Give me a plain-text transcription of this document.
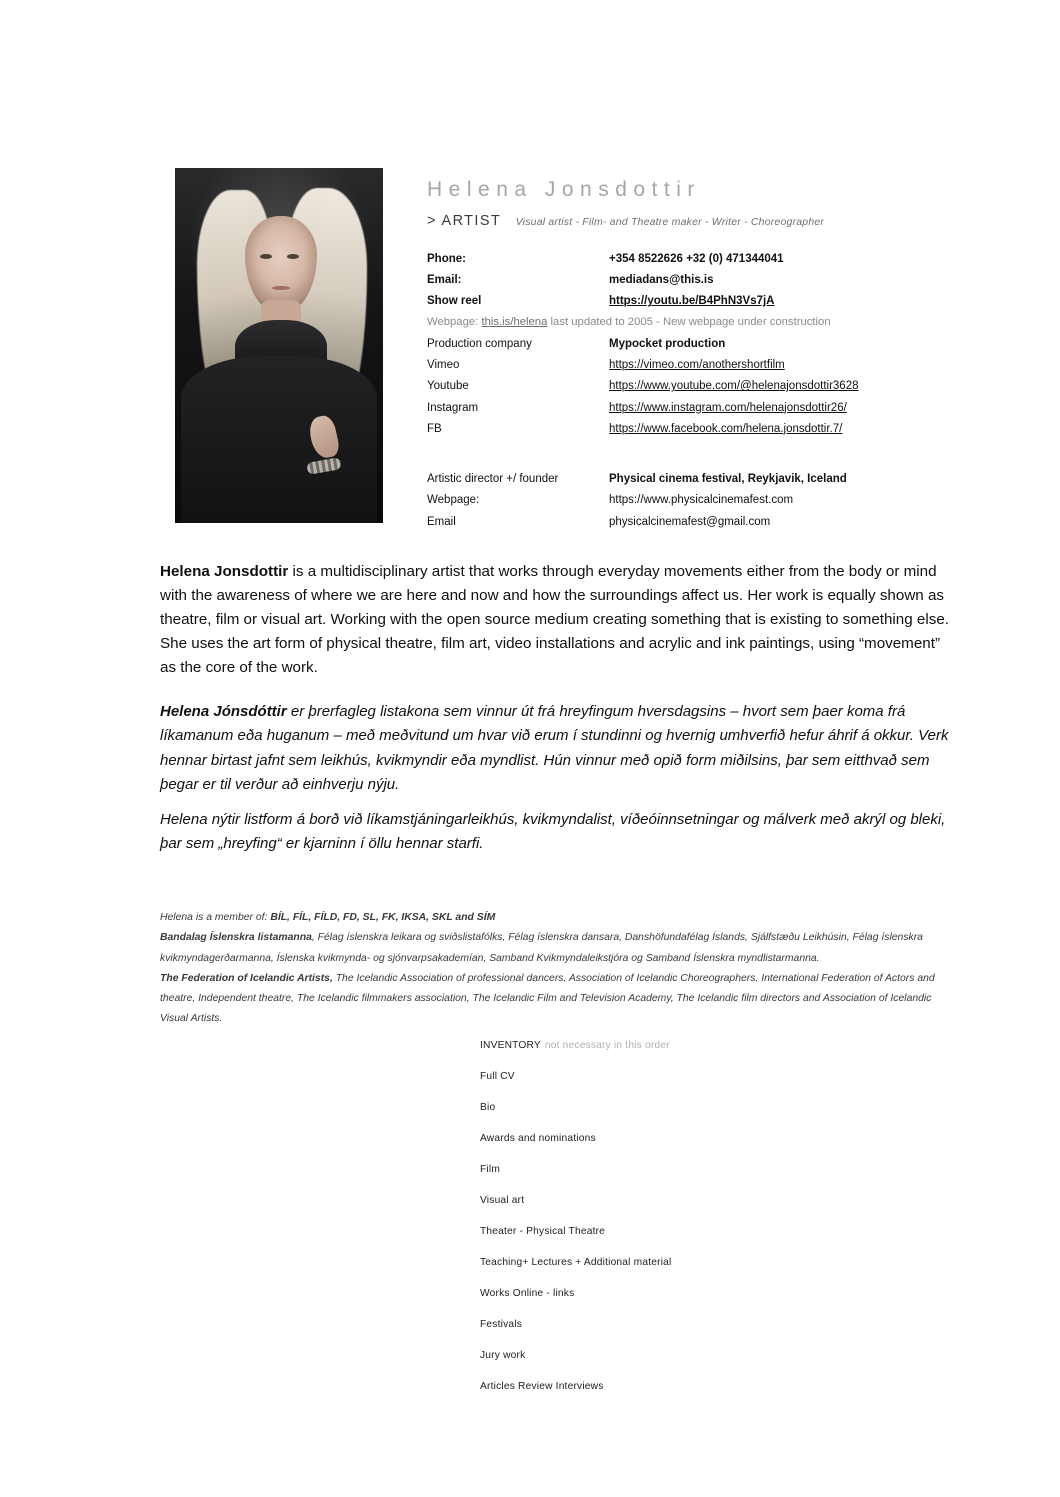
Helena Jonsdottir
> ARTIST Visual artist - Film- and Theatre maker - Writer - Choreographer
Phone:	+354 8522626 +32 (0) 471344041
Email:	mediadans@this.is
Show reel	https://youtu.be/B4PhN3Vs7jA
Webpage: this.is/helena last updated to 2005 - New webpage under construction	
Production company	Mypocket production
Vimeo	https://vimeo.com/anothershortfilm
Youtube	https://www.youtube.com/@helenajonsdottir3628
Instagram	https://www.instagram.com/helenajonsdottir26/
FB	https://www.facebook.com/helena.jonsdottir.7/

Artistic director +/ founder	Physical cinema festival, Reykjavik, Iceland
Webpage:	https://www.physicalcinemafest.com
Email	physicalcinemafest@gmail.com
Helena Jonsdottir is a multidisciplinary artist that works through everyday movements either from the body or mind with the awareness of where we are here and now and how the surroundings affect us. Her work is equally shown as theatre, film or visual art. Working with the open source medium creating something that is existing to something else. She uses the art form of physical theatre, film art, video installations and acrylic and ink paintings, using “movement” as the core of the work.

Helena Jónsdóttir er þrerfagleg listakona sem vinnur út frá hreyfingum hversdagsins – hvort sem þaer koma frá líkamanum eða huganum – með meðvitund um hvar við erum í stundinni og hvernig umhverfið hefur áhrif á okkur. Verk hennar birtast jafnt sem leikhús, kvikmyndir eða myndlist. Hún vinnur með opið form miðilsins, þar sem eitthvað sem þegar er til verður að einhverju nýju.

Helena nýtir listform á borð við líkamstjáningarleikhús, kvikmyndalist, víðeóinnsetningar og málverk með akrýl og bleki, þar sem „hreyfing“ er kjarninn í öllu hennar starfi.

Helena is a member of: BÍL, FÍL, FÍLD, FD, SL, FK, IKSA, SKL and SÍM
Bandalag Íslenskra listamanna, Félag íslenskra leikara og sviðslistafólks, Félag íslenskra dansara, Danshöfundafélag Íslands, Sjálfstæðu Leikhúsin, Félag íslenskra kvikmyndagerðarmanna, Íslenska kvikmynda- og sjónvarpsakademían, Samband Kvikmyndaleikstjóra og Samband Íslenskra myndlistarmanna.
The Federation of Icelandic Artists, The Icelandic Association of professional dancers, Association of Icelandic Choreographers, International Federation of Actors and theatre, Independent theatre, The Icelandic filmmakers association, The Icelandic Film and Television Academy, The Icelandic film directors and Association of Icelandic Visual Artists.
INVENTORY not necessary in this order
Full CV
Bio
Awards and nominations
Film
Visual art
Theater - Physical Theatre
Teaching+ Lectures + Additional material
Works Online - links
Festivals
Jury work
Articles Review Interviews
